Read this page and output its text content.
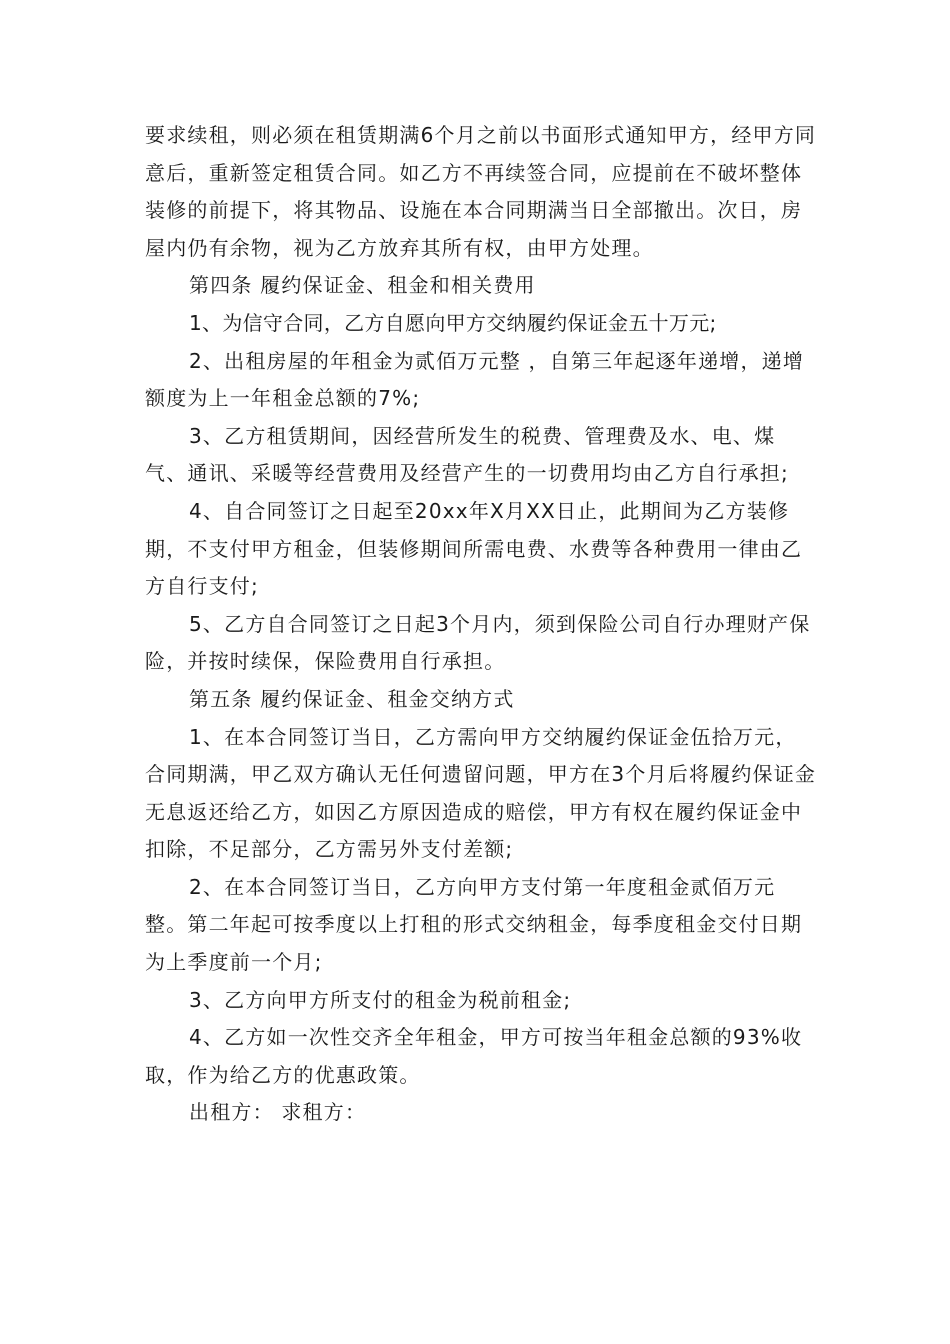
要求续租，则必须在租赁期满6个月之前以书面形式通知甲方，经甲方同意后，重新签定租赁合同。如乙方不再续签合同，应提前在不破坏整体装修的前提下，将其物品、设施在本合同期满当日全部撤出。次日，房屋内仍有余物，视为乙方放弃其所有权，由甲方处理。

第四条 履约保证金、租金和相关费用

1、为信守合同，乙方自愿向甲方交纳履约保证金五十万元;

2、出租房屋的年租金为贰佰万元整 ，自第三年起逐年递增，递增额度为上一年租金总额的7%;

3、乙方租赁期间，因经营所发生的税费、管理费及水、电、煤气、通讯、采暖等经营费用及经营产生的一切费用均由乙方自行承担;

4、自合同签订之日起至20xx年X月XX日止，此期间为乙方装修期，不支付甲方租金，但装修期间所需电费、水费等各种费用一律由乙方自行支付;

5、乙方自合同签订之日起3个月内，须到保险公司自行办理财产保险，并按时续保，保险费用自行承担。

第五条 履约保证金、租金交纳方式

1、在本合同签订当日，乙方需向甲方交纳履约保证金伍拾万元，合同期满，甲乙双方确认无任何遗留问题，甲方在3个月后将履约保证金无息返还给乙方，如因乙方原因造成的赔偿，甲方有权在履约保证金中扣除，不足部分，乙方需另外支付差额;

2、在本合同签订当日，乙方向甲方支付第一年度租金贰佰万元整。第二年起可按季度以上打租的形式交纳租金，每季度租金交付日期为上季度前一个月;

3、乙方向甲方所支付的租金为税前租金;

4、乙方如一次性交齐全年租金，甲方可按当年租金总额的93%收取，作为给乙方的优惠政策。

出租方： 求租方：
